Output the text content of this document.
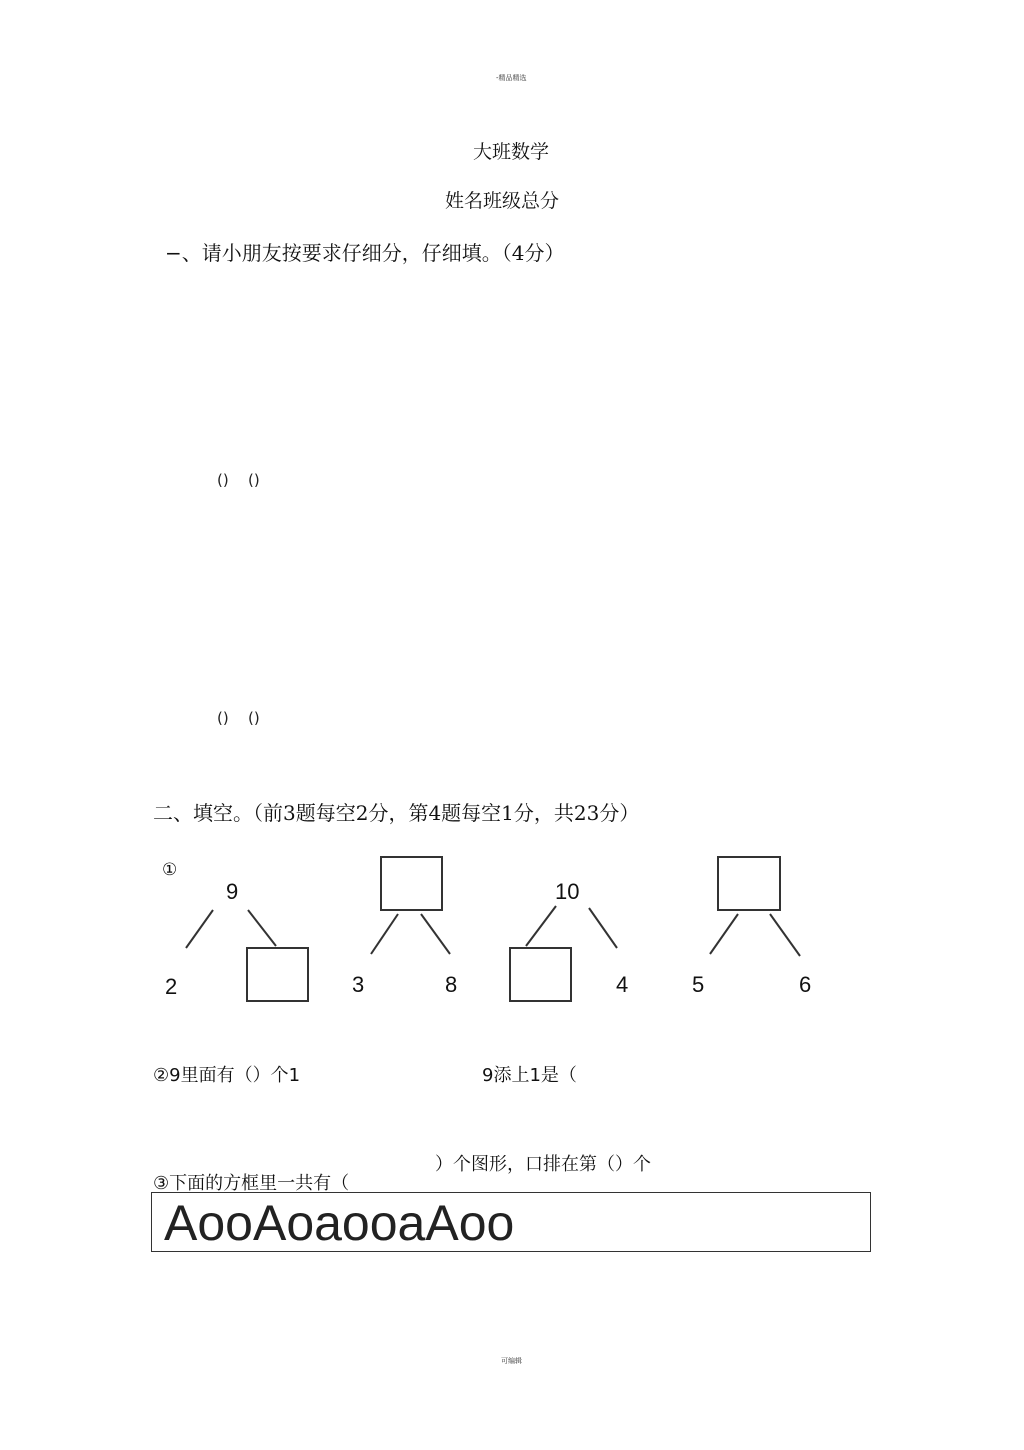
-精品精选
大班数学
姓名班级总分
−、请小朋友按要求仔细分，仔细填。（4分）
() ()
() ()
二、填空。（前3题每空2分，第4题每空1分，共23分）
①
9
2	3	8
10
4	5	6
②9里面有（）个1	9添上1是（
）个图形，口排在第（）个
③下面的方框里一共有（
AooAoaooaAoo
可编辑
